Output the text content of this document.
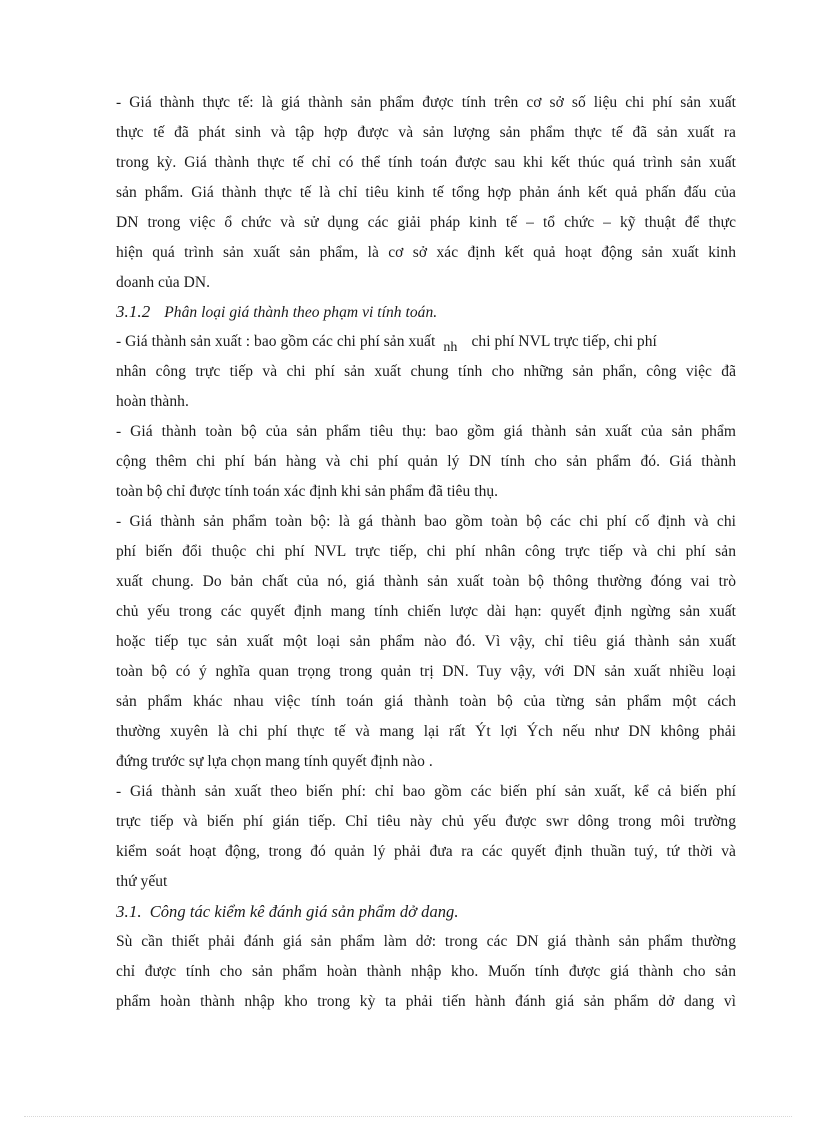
- Giá thành thực tế: là giá thành sản phẩm được tính trên cơ sở số liệu chi phí sản xuất
thực tế đã phát sinh và tập hợp được và sản lượng sản phẩm thực tế đã sản xuất ra
trong kỳ. Giá thành thực tế chỉ có thể tính toán được sau khi kết thúc quá trình sản xuất
sản phẩm. Giá thành thực tế là chỉ tiêu kinh tế tổng hợp phản ánh kết quả phấn đấu của
DN trong việc ổ chức và sử dụng các giải pháp kinh tế – tổ chức – kỹ thuật để thực
hiện quá trình sản xuất sản phẩm, là cơ sở xác định kết quả hoạt động sản xuất kinh
doanh của DN.
3.1.2 Phân loại giá thành theo phạm vi tính toán.
- Giá thành sản xuất : bao gồm các chi phí sản xuất nh chi phí NVL trực tiếp, chi phí
nhân công trực tiếp và chi phí sản xuất chung tính cho những sản phẩn, công việc đã
hoàn thành.
- Giá thành toàn bộ của sản phẩm tiêu thụ: bao gồm giá thành sản xuất của sản phẩm
cộng thêm chi phí bán hàng và chi phí quản lý DN tính cho sản phẩm đó. Giá thành
toàn bộ chỉ được tính toán xác định khi sản phẩm đã tiêu thụ.
- Giá thành sản phẩm toàn bộ: là gá thành bao gồm toàn bộ các chi phí cố định và chi
phí biến đổi thuộc chi phí NVL trực tiếp, chi phí nhân công trực tiếp và chi phí sản
xuất chung. Do bản chất của nó, giá thành sản xuất toàn bộ thông thường đóng vai trò
chủ yếu trong các quyết định mang tính chiến lược dài hạn: quyết định ngừng sản xuất
hoặc tiếp tục sản xuất một loại sản phẩm nào đó. Vì vậy, chỉ tiêu giá thành sản xuất
toàn bộ có ý nghĩa quan trọng trong quản trị DN. Tuy vậy, với DN sản xuất nhiều loại
sản phẩm khác nhau việc tính toán giá thành toàn bộ của từng sản phẩm một cách
thường xuyên là chi phí thực tế và mang lại rất Ýt lợi Ých nếu như DN không phải
đứng trước sự lựa chọn mang tính quyết định nào .
- Giá thành sản xuất theo biến phí: chỉ bao gồm các biến phí sản xuất, kể cả biến phí
trực tiếp và biến phí gián tiếp. Chỉ tiêu này chủ yếu được swr dông trong môi trường
kiểm soát hoạt động, trong đó quản lý phải đưa ra các quyết định thuần tuý, tứ thời và
thứ yếut
3.1. Công tác kiểm kê đánh giá sản phẩm dở dang.
Sù cần thiết phải đánh giá sản phẩm làm dở: trong các DN giá thành sản phẩm thường
chỉ được tính cho sản phẩm hoàn thành nhập kho. Muốn tính được giá thành cho sản
phẩm hoàn thành nhập kho trong kỳ ta phải tiến hành đánh giá sản phẩm dở dang vì
